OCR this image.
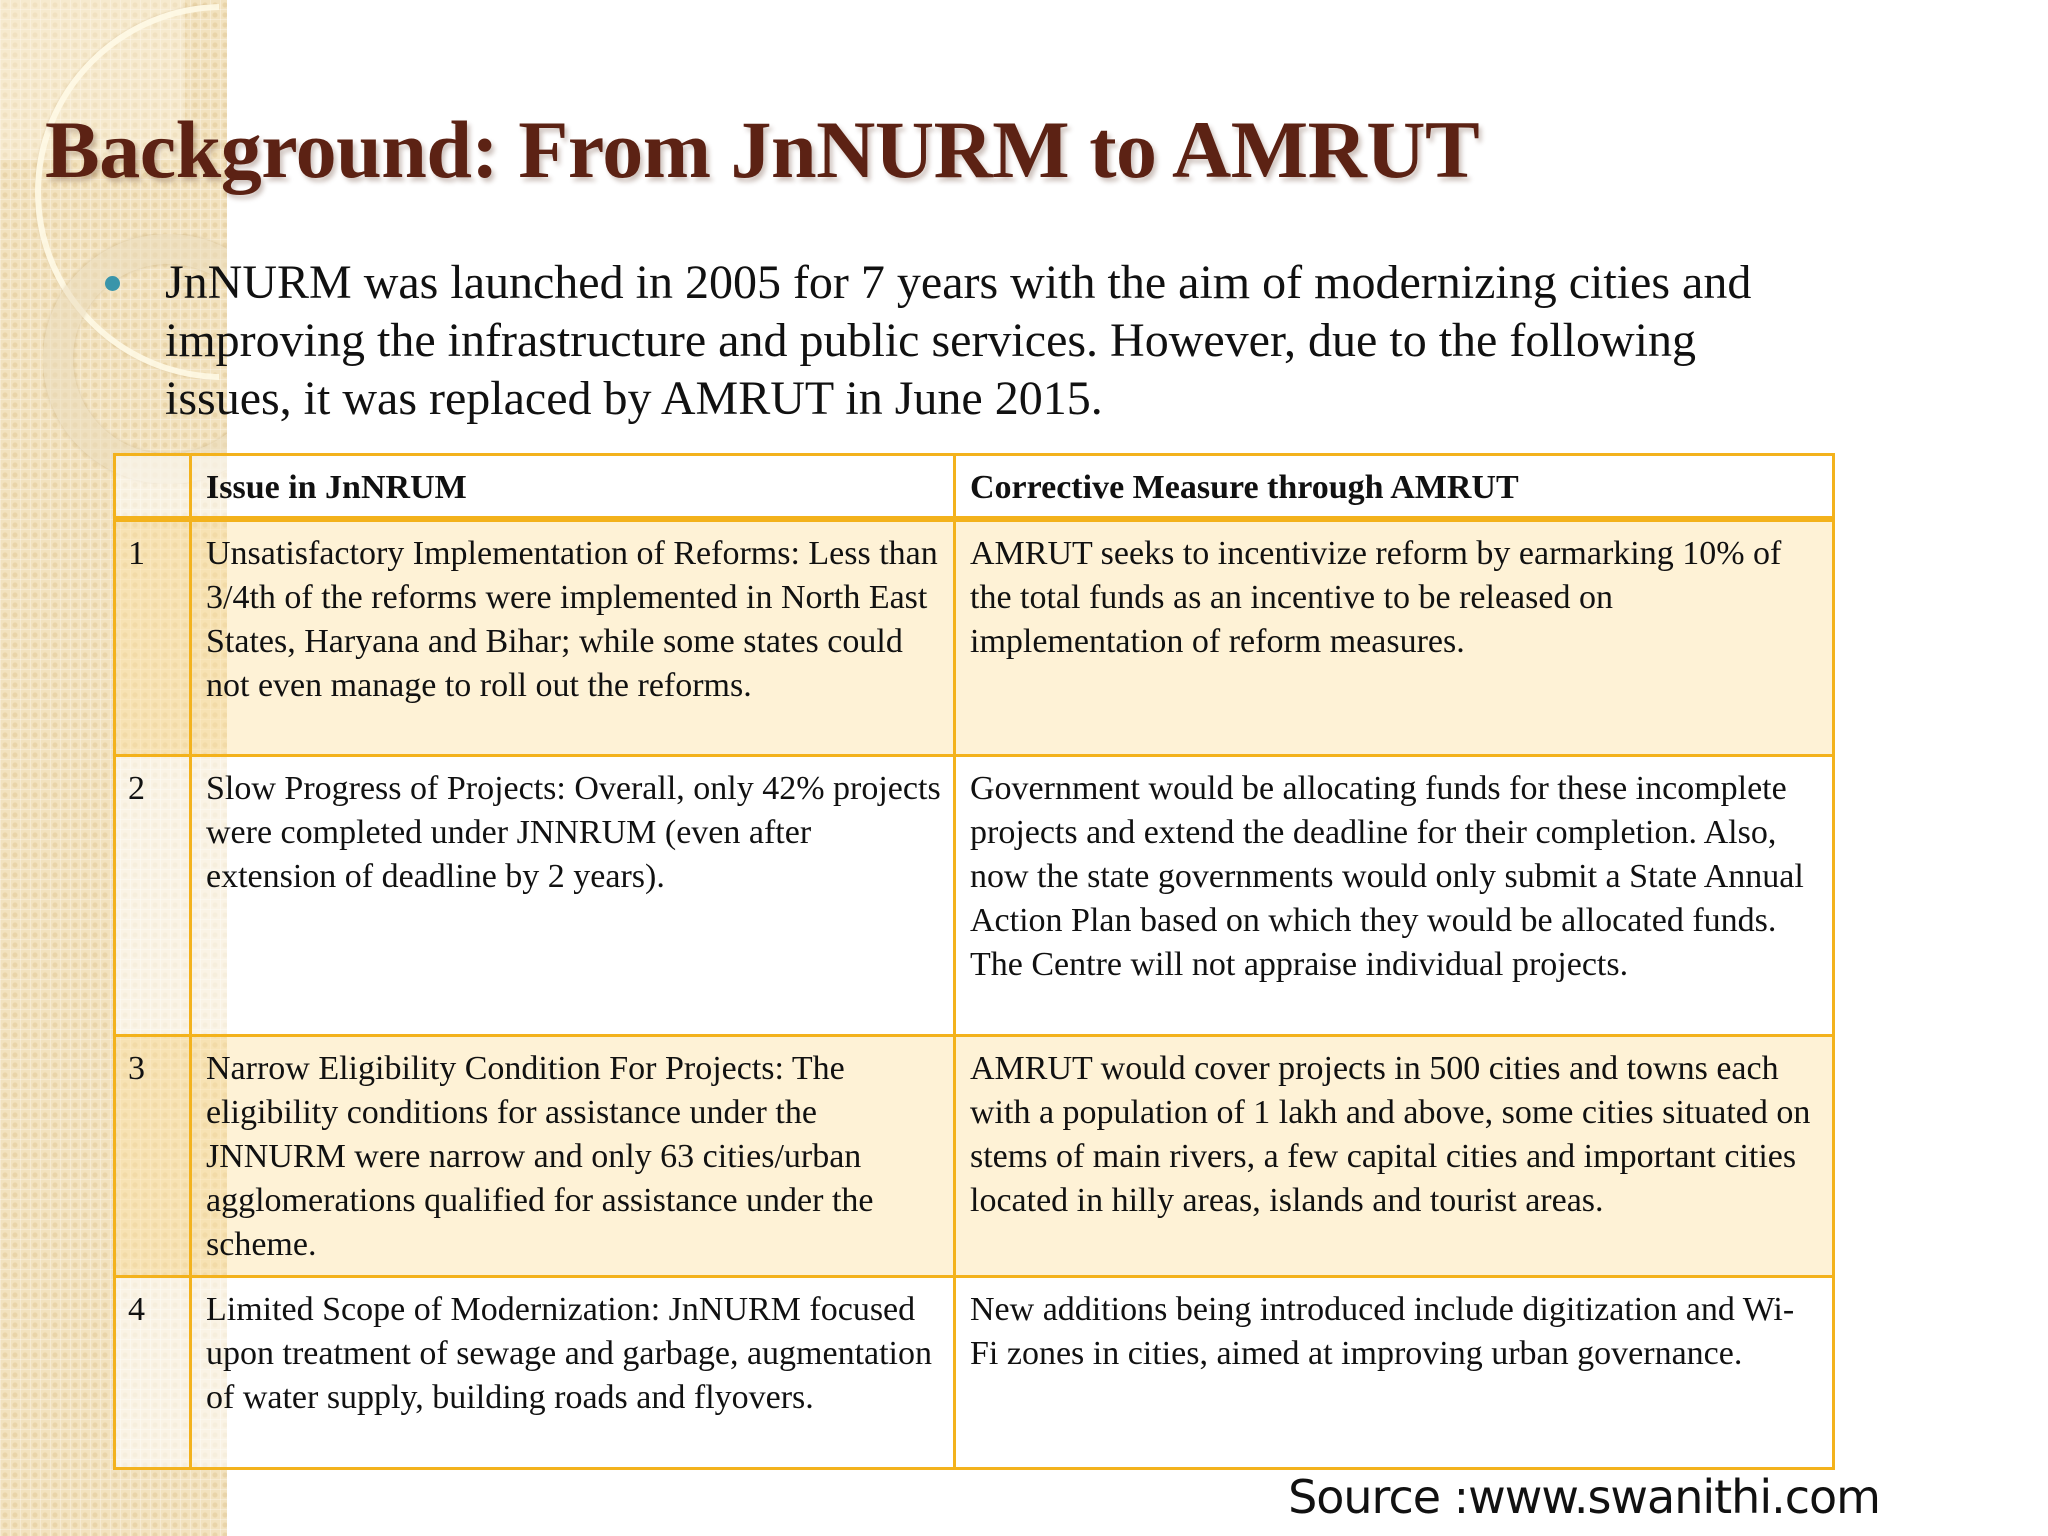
Background: From JnNURM to AMRUT

JnNURM was launched in 2005 for 7 years with the aim of modernizing cities and improving the infrastructure and public services. However, due to the following issues, it was replaced by AMRUT in June 2015.

	Issue in JnNRUM	Corrective Measure through AMRUT
1	Unsatisfactory Implementation of Reforms: Less than 3/4th of the reforms were implemented in North East States, Haryana and Bihar; while some states could not even manage to roll out the reforms.	AMRUT seeks to incentivize reform by earmarking 10% of the total funds as an incentive to be released on implementation of reform measures.
2	Slow Progress of Projects: Overall, only 42% projects were completed under JNNRUM (even after extension of deadline by 2 years).	Government would be allocating funds for these incomplete projects and extend the deadline for their completion. Also, now the state governments would only submit a State Annual Action Plan based on which they would be allocated funds. The Centre will not appraise individual projects.
3	Narrow Eligibility Condition For Projects: The eligibility conditions for assistance under the JNNURM were narrow and only 63 cities/urban agglomerations qualified for assistance under the scheme.	AMRUT would cover projects in 500 cities and towns each with a population of 1 lakh and above, some cities situated on stems of main rivers, a few capital cities and important cities located in hilly areas, islands and tourist areas.
4	Limited Scope of Modernization: JnNURM focused upon treatment of sewage and garbage, augmentation of water supply, building roads and flyovers.	New additions being introduced include digitization and Wi-Fi zones in cities, aimed at improving urban governance.
Source :www.swanithi.com
